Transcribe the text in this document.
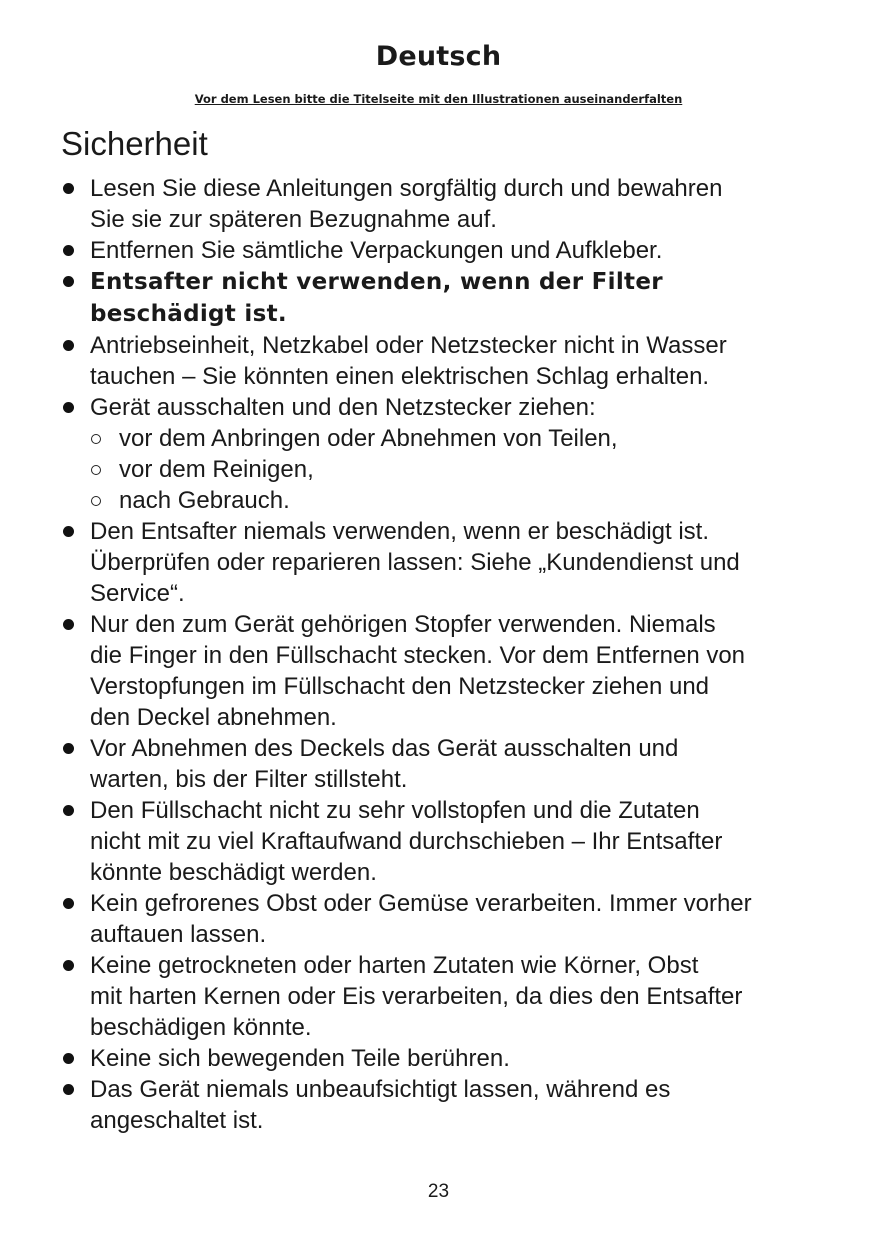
Deutsch
Vor dem Lesen bitte die Titelseite mit den Illustrationen auseinanderfalten
Sicherheit
Lesen Sie diese Anleitungen sorgfältig durch und bewahren
Sie sie zur späteren Bezugnahme auf.
Entfernen Sie sämtliche Verpackungen und Aufkleber.
Entsafter nicht verwenden, wenn der Filter
beschädigt ist.
Antriebseinheit, Netzkabel oder Netzstecker nicht in Wasser
tauchen – Sie könnten einen elektrischen Schlag erhalten.
Gerät ausschalten und den Netzstecker ziehen:
vor dem Anbringen oder Abnehmen von Teilen,
vor dem Reinigen,
nach Gebrauch.
Den Entsafter niemals verwenden, wenn er beschädigt ist.
Überprüfen oder reparieren lassen: Siehe „Kundendienst und
Service“.
Nur den zum Gerät gehörigen Stopfer verwenden. Niemals
die Finger in den Füllschacht stecken. Vor dem Entfernen von
Verstopfungen im Füllschacht den Netzstecker ziehen und
den Deckel abnehmen.
Vor Abnehmen des Deckels das Gerät ausschalten und
warten, bis der Filter stillsteht.
Den Füllschacht nicht zu sehr vollstopfen und die Zutaten
nicht mit zu viel Kraftaufwand durchschieben – Ihr Entsafter
könnte beschädigt werden.
Kein gefrorenes Obst oder Gemüse verarbeiten. Immer vorher
auftauen lassen.
Keine getrockneten oder harten Zutaten wie Körner, Obst
mit harten Kernen oder Eis verarbeiten, da dies den Entsafter
beschädigen könnte.
Keine sich bewegenden Teile berühren.
Das Gerät niemals unbeaufsichtigt lassen, während es
angeschaltet ist.
23
